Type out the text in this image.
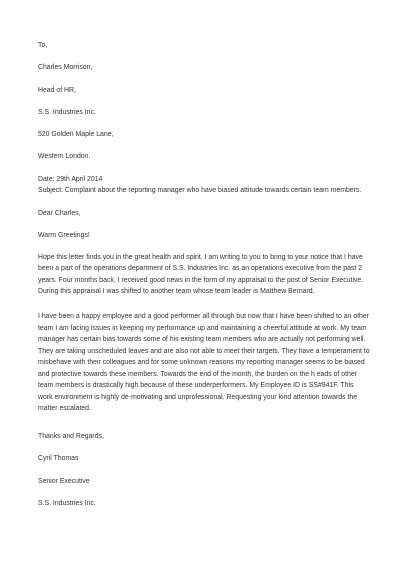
To,
Charles Morrison,
Head of HR,
S.S. Industries Inc.
520 Golden Maple Lane,
Western London.
Date: 29th April 2014
Subject: Complaint about the reporting manager who have biased attitude towards certain team members.
Dear Charles,
Warm Greetings!
Hope this letter finds you in the great health and spirit. I am writing to you to bring to your notice that I have
been a part of the operations department of S.S. Industries Inc. as an operations executive from the past 2
years. Four months back, I received good news in the form of my appraisal to the post of Senior Executive.
During this appraisal I was shifted to another team whose team leader is Matthew Bernard.
I have been a happy employee and a good performer all through but now that I have been shifted to an other
team I am facing issues in keeping my performance up and maintaining a cheerful attitude at work. My team
manager has certain bias towards some of his existing team members who are actually not performing well.
They are taking unscheduled leaves and are also not able to meet their targets. They have a temperament to
misbehave with their colleagues and for some unknown reasons my reporting manager seems to be biased
and protective towards these members. Towards the end of the month, the burden on the h eads of other
team members is drastically high because of these underperformers. My Employee ID is SS#941F. This
work environment is highly de-motivating and unprofessional. Requesting your kind attention towards the
matter escalated.
Thanks and Regards,
Cyril Thomas
Senior Executive
S.S. Industries Inc.
